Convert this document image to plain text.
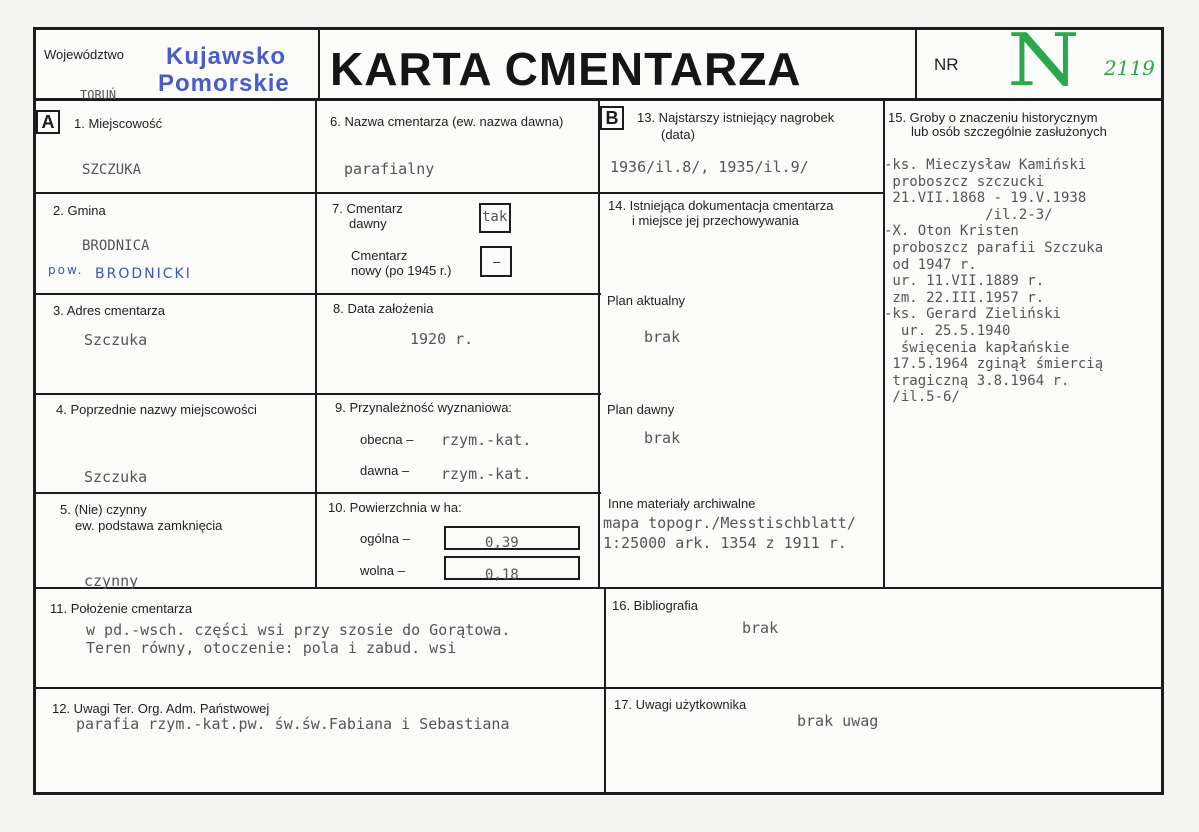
Województwo Kujawsko
Pomorskie
TORUŃ	KARTA CMENTARZA	NR N 2119
A	B
1. Miejscowość
SZCZUKA
2. Gmina
BRODNICA
pow. BRODNICKI
3. Adres cmentarza
Szczuka
4. Poprzednie nazwy miejscowości
Szczuka
5. (Nie) czynny
ew. podstawa zamknięcia
czynny
6. Nazwa cmentarza (ew. nazwa dawna)
parafialny
7. Cmentarz
dawny	tak
Cmentarz
nowy (po 1945 r.)
–
8. Data założenia
1920 r.
9. Przynależność wyznaniowa:
obecna – rzym.-kat.
dawna – rzym.-kat.
10. Powierzchnia w ha:
ogólna –	0,39
wolna –	0,18
11. Położenie cmentarza
w pd.-wsch. części wsi przy szosie do Gorątowa.
Teren równy, otoczenie: pola i zabud. wsi
12. Uwagi Ter. Org. Adm. Państwowej
parafia rzym.-kat.pw. św.św.Fabiana i Sebastiana
13. Najstarszy istniejący nagrobek
(data)
1936/il.8/, 1935/il.9/
14. Istniejąca dokumentacja cmentarza
i miejsce jej przechowywania
Plan aktualny
brak
Plan dawny
brak
Inne materiały archiwalne
mapa topogr./Messtischblatt/
1:25000 ark. 1354 z 1911 r.
15. Groby o znaczeniu historycznym
lub osób szczególnie zasłużonych
-ks. Mieczysław Kamiński
proboszcz szczucki
21.VII.1868 - 19.V.1938
/il.2-3/
-X. Oton Kristen
proboszcz parafii Szczuka
od 1947 r.
ur. 11.VII.1889 r.
zm. 22.III.1957 r.
-ks. Gerard Zieliński
ur. 25.5.1940
święcenia kapłańskie
17.5.1964 zginął śmiercią
tragiczną 3.8.1964 r.
/il.5-6/
16. Bibliografia
brak
17. Uwagi użytkownika
brak uwag
